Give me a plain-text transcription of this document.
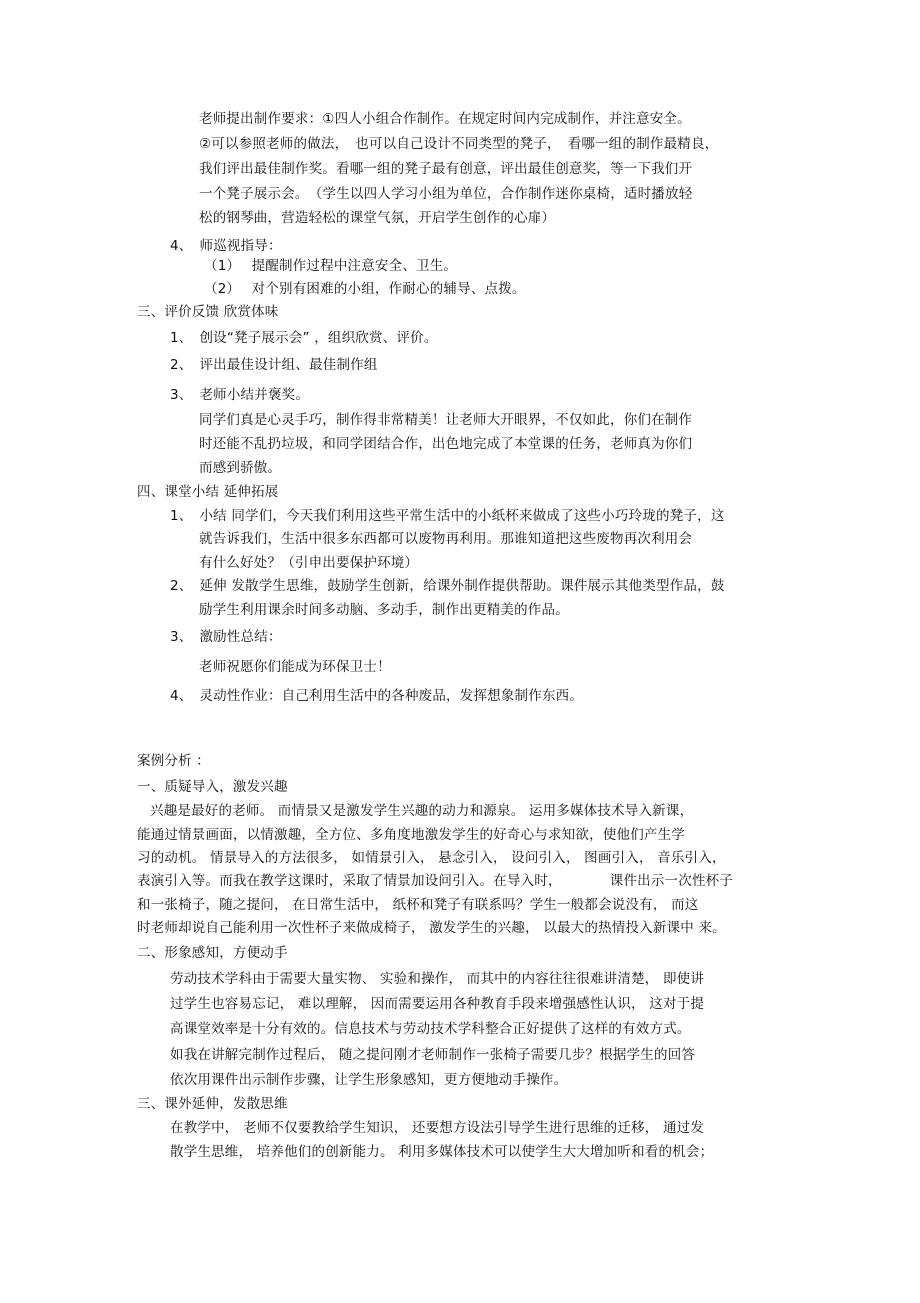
老师提出制作要求：①四人小组合作制作。在规定时间内完成制作，并注意安全。
②可以参照老师的做法，　也可以自己设计不同类型的凳子，　看哪一组的制作最精良，
我们评出最佳制作奖。看哪一组的凳子最有创意，评出最佳创意奖，等一下我们开
一个凳子展示会。　（学生以四人学习小组为单位，合作制作迷你桌椅，适时播放轻
松的钢琴曲，营造轻松的课堂气氛，开启学生创作的心扉）
4、　师巡视指导：
（1）　 提醒制作过程中注意安全、卫生。
（2）　 对个别有困难的小组，作耐心的辅导、点拨。
三、评价反馈 欣赏体味
1、　创设“凳子展示会” ，组织欣赏、评价。
2、　评出最佳设计组、最佳制作组
3、　老师小结并褒奖。
同学们真是心灵手巧，制作得非常精美！让老师大开眼界，不仅如此，你们在制作
时还能不乱扔垃圾，和同学团结合作，出色地完成了本堂课的任务，老师真为你们
而感到骄傲。
四、课堂小结 延伸拓展
1、　小结 同学们，今天我们利用这些平常生活中的小纸杯来做成了这些小巧玲珑的凳子，这
就告诉我们，生活中很多东西都可以废物再利用。那谁知道把这些废物再次利用会
有什么好处？（引申出要保护环境）
2、　延伸 发散学生思维，鼓励学生创新，给课外制作提供帮助。课件展示其他类型作品，鼓
励学生利用课余时间多动脑、多动手，制作出更精美的作品。
3、　激励性总结：
老师祝愿你们能成为环保卫士！
4、　灵动性作业：自己利用生活中的各种废品，发挥想象制作东西。
案例分析 ：
一、质疑导入，激发兴趣
兴趣是最好的老师。 而情景又是激发学生兴趣的动力和源泉。 运用多媒体技术导入新课，
能通过情景画面，以情激趣，全方位、多角度地激发学生的好奇心与求知欲，使他们产生学
习的动机。 情景导入的方法很多， 如情景引入， 悬念引入， 设问引入， 图画引入， 音乐引入，
表演引入等。而我在教学这课时，采取了情景加设问引入。在导入时，　　　　课件出示一次性杯子
和一张椅子，随之提问， 在日常生活中， 纸杯和凳子有联系吗？学生一般都会说没有， 而这
时老师却说自己能利用一次性杯子来做成椅子， 激发学生的兴趣， 以最大的热情投入新课中 来。
二、形象感知，方便动手
劳动技术学科由于需要大量实物、 实验和操作， 而其中的内容往往很难讲清楚， 即使讲
过学生也容易忘记， 难以理解， 因而需要运用各种教育手段来增强感性认识， 这对于提
高课堂效率是十分有效的。信息技术与劳动技术学科整合正好提供了这样的有效方式。
如我在讲解完制作过程后， 随之提问刚才老师制作一张椅子需要几步？根据学生的回答
依次用课件出示制作步骤，让学生形象感知，更方便地动手操作。
三、课外延伸，发散思维
在教学中， 老师不仅要教给学生知识， 还要想方设法引导学生进行思维的迁移， 通过发
散学生思维， 培养他们的创新能力。 利用多媒体技术可以使学生大大增加听和看的机会；
